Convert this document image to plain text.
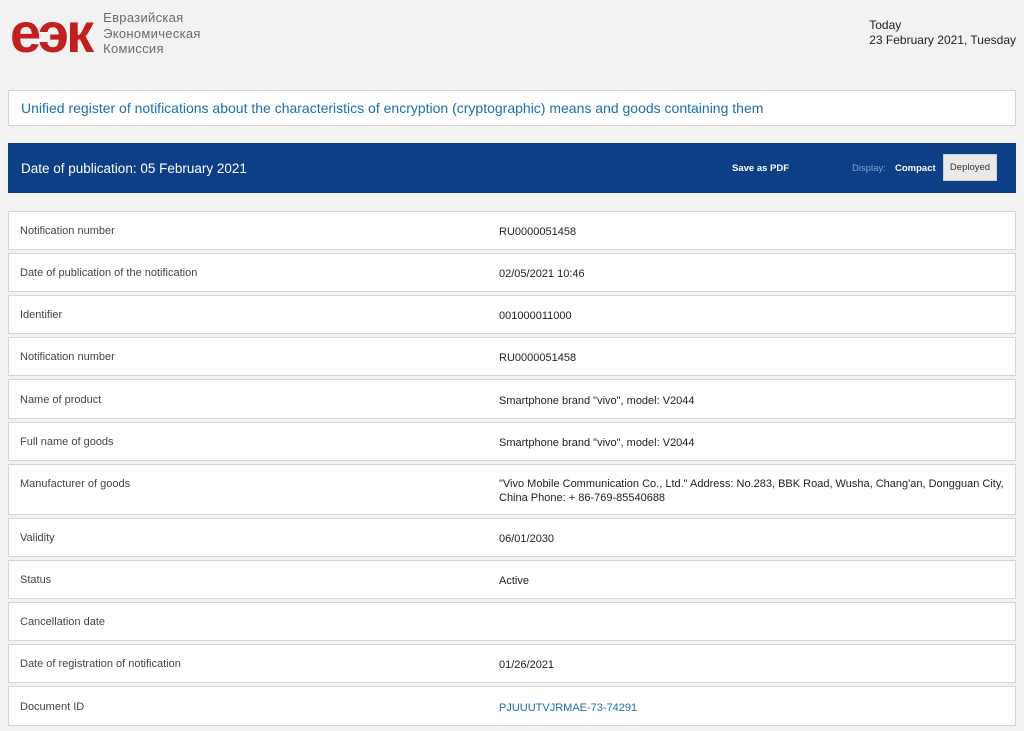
еэк Евразийская
Экономическая
Комиссия
Today
23 February 2021, Tuesday
Unified register of notifications about the characteristics of encryption (cryptographic) means and goods containing them
Date of publication: 05 February 2021	Save as PDF	Display: Compact	Deployed
Notification number	RU0000051458
Date of publication of the notification	02/05/2021 10:46
Identifier	001000011000
Notification number	RU0000051458
Name of product	Smartphone brand "vivo", model: V2044
Full name of goods	Smartphone brand "vivo", model: V2044
Manufacturer of goods	"Vivo Mobile Communication Co., Ltd." Address: No.283, BBK Road, Wusha, Chang'an, Dongguan City, China Phone: + 86-769-85540688
Validity	06/01/2030
Status	Active
Cancellation date
Date of registration of notification	01/26/2021
Document ID	PJUUUTVJRMAE-73-74291
